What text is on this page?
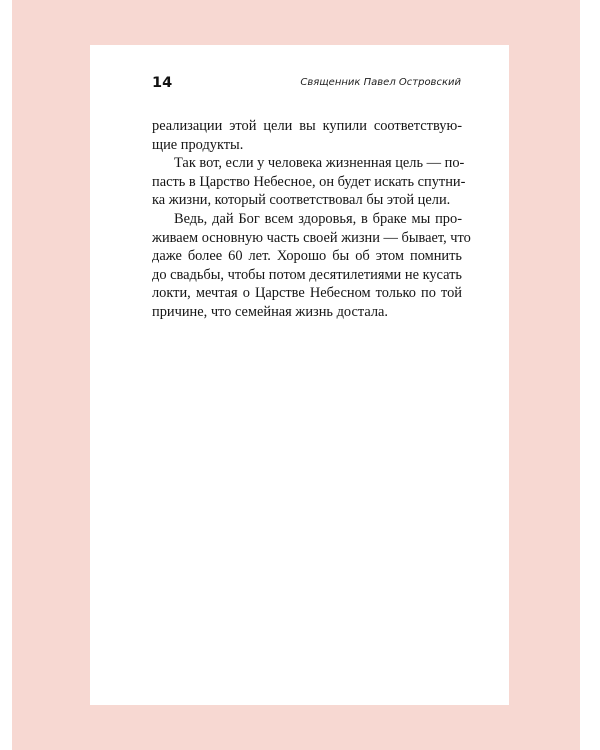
14	Священник Павел Островский
реализации этой цели вы купили соответствую-
щие продукты.
Так вот, если у человека жизненная цель — по-
пасть в Царство Небесное, он будет искать спутни-
ка жизни, который соответствовал бы этой цели.
Ведь, дай Бог всем здоровья, в браке мы про-
живаем основную часть своей жизни — бывает, что
даже более 60 лет. Хорошо бы об этом помнить
до свадьбы, чтобы потом десятилетиями не кусать
локти, мечтая о Царстве Небесном только по той
причине, что семейная жизнь достала.
